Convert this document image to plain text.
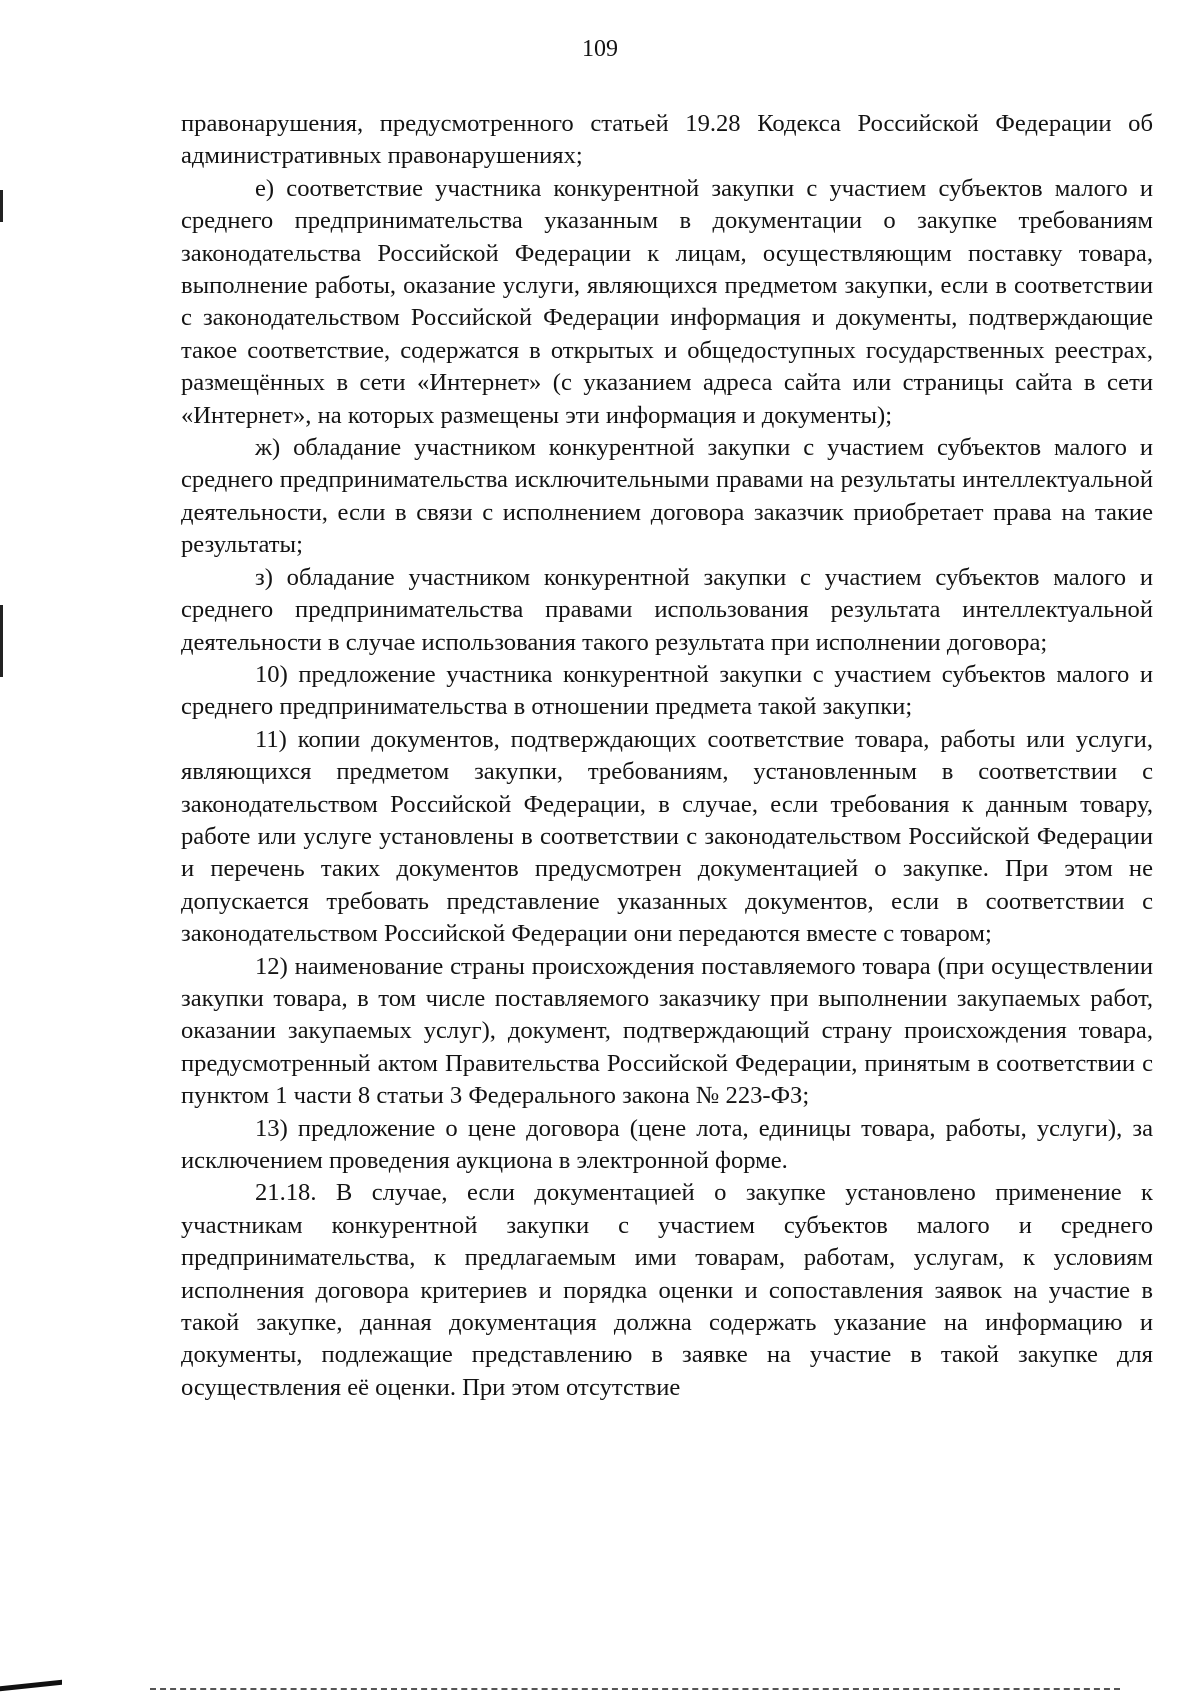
109

правонарушения, предусмотренного статьей 19.28 Кодекса Российской Федерации об административных правонарушениях;

е) соответствие участника конкурентной закупки с участием субъектов малого и среднего предпринимательства указанным в документации о закупке требованиям законодательства Российской Федерации к лицам, осуществляющим поставку товара, выполнение работы, оказание услуги, являющихся предметом закупки, если в соответствии с законодательством Российской Федерации информация и документы, подтверждающие такое соответствие, содержатся в открытых и общедоступных государственных реестрах, размещённых в сети «Интернет» (с указанием адреса сайта или страницы сайта в сети «Интернет», на которых размещены эти информация и документы);

ж) обладание участником конкурентной закупки с участием субъектов малого и среднего предпринимательства исключительными правами на результаты интеллектуальной деятельности, если в связи с исполнением договора заказчик приобретает права на такие результаты;

з) обладание участником конкурентной закупки с участием субъектов малого и среднего предпринимательства правами использования результата интеллектуальной деятельности в случае использования такого результата при исполнении договора;

10) предложение участника конкурентной закупки с участием субъектов малого и среднего предпринимательства в отношении предмета такой закупки;

11) копии документов, подтверждающих соответствие товара, работы или услуги, являющихся предметом закупки, требованиям, установленным в соответствии с законодательством Российской Федерации, в случае, если требования к данным товару, работе или услуге установлены в соответствии с законодательством Российской Федерации и перечень таких документов предусмотрен документацией о закупке. При этом не допускается требовать представление указанных документов, если в соответствии с законодательством Российской Федерации они передаются вместе с товаром;

12) наименование страны происхождения поставляемого товара (при осуществлении закупки товара, в том числе поставляемого заказчику при выполнении закупаемых работ, оказании закупаемых услуг), документ, подтверждающий страну происхождения товара, предусмотренный актом Правительства Российской Федерации, принятым в соответствии с пунктом 1 части 8 статьи 3 Федерального закона № 223-ФЗ;

13) предложение о цене договора (цене лота, единицы товара, работы, услуги), за исключением проведения аукциона в электронной форме.

21.18. В случае, если документацией о закупке установлено применение к участникам конкурентной закупки с участием субъектов малого и среднего предпринимательства, к предлагаемым ими товарам, работам, услугам, к условиям исполнения договора критериев и порядка оценки и сопоставления заявок на участие в такой закупке, данная документация должна содержать указание на информацию и документы, подлежащие представлению в заявке на участие в такой закупке для осуществления её оценки. При этом отсутствие
